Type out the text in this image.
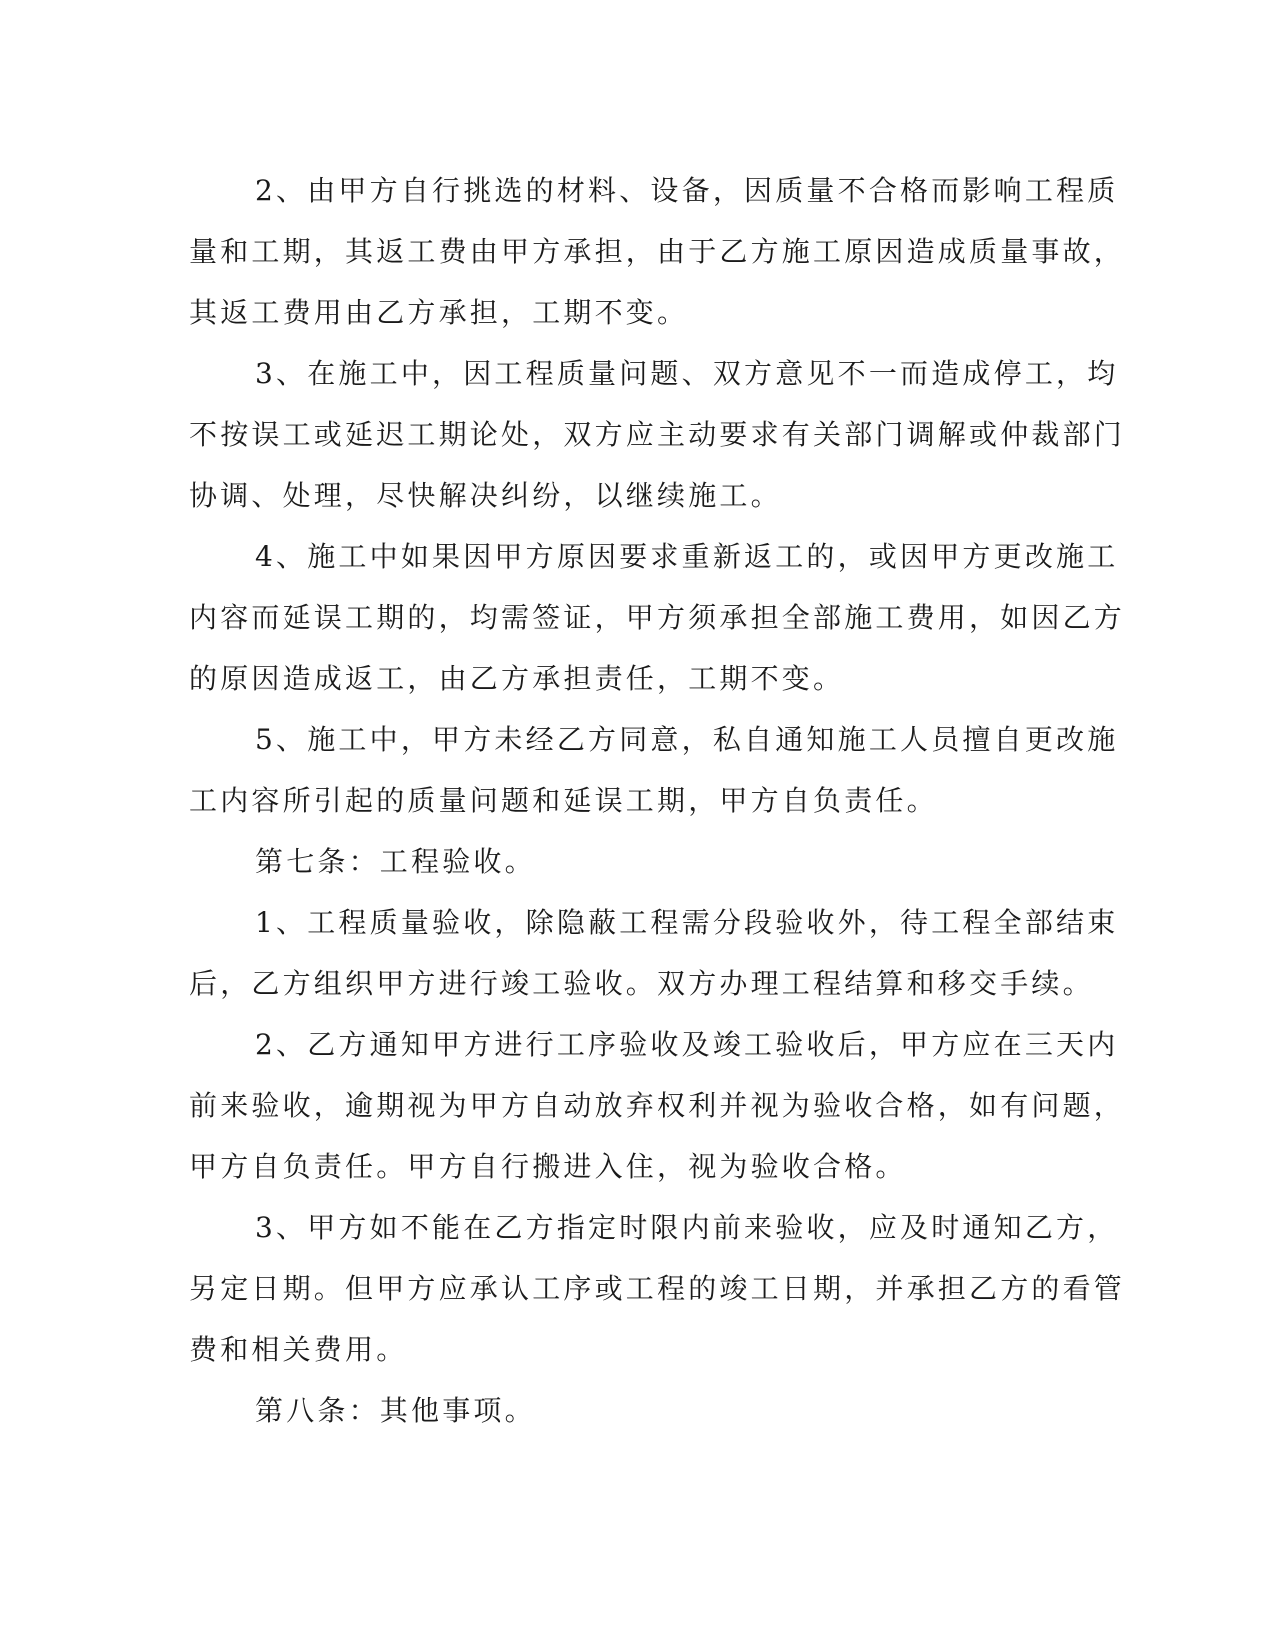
2、由甲方自行挑选的材料、设备，因质量不合格而影响工程质
量和工期，其返工费由甲方承担，由于乙方施工原因造成质量事故，
其返工费用由乙方承担，工期不变。
3、在施工中，因工程质量问题、双方意见不一而造成停工，均
不按误工或延迟工期论处，双方应主动要求有关部门调解或仲裁部门
协调、处理，尽快解决纠纷，以继续施工。
4、施工中如果因甲方原因要求重新返工的，或因甲方更改施工
内容而延误工期的，均需签证，甲方须承担全部施工费用，如因乙方
的原因造成返工，由乙方承担责任，工期不变。
5、施工中，甲方未经乙方同意，私自通知施工人员擅自更改施
工内容所引起的质量问题和延误工期，甲方自负责任。
第七条：工程验收。
1、工程质量验收，除隐蔽工程需分段验收外，待工程全部结束
后，乙方组织甲方进行竣工验收。双方办理工程结算和移交手续。
2、乙方通知甲方进行工序验收及竣工验收后，甲方应在三天内
前来验收，逾期视为甲方自动放弃权利并视为验收合格，如有问题，
甲方自负责任。甲方自行搬进入住，视为验收合格。
3、甲方如不能在乙方指定时限内前来验收，应及时通知乙方，
另定日期。但甲方应承认工序或工程的竣工日期，并承担乙方的看管
费和相关费用。
第八条：其他事项。
